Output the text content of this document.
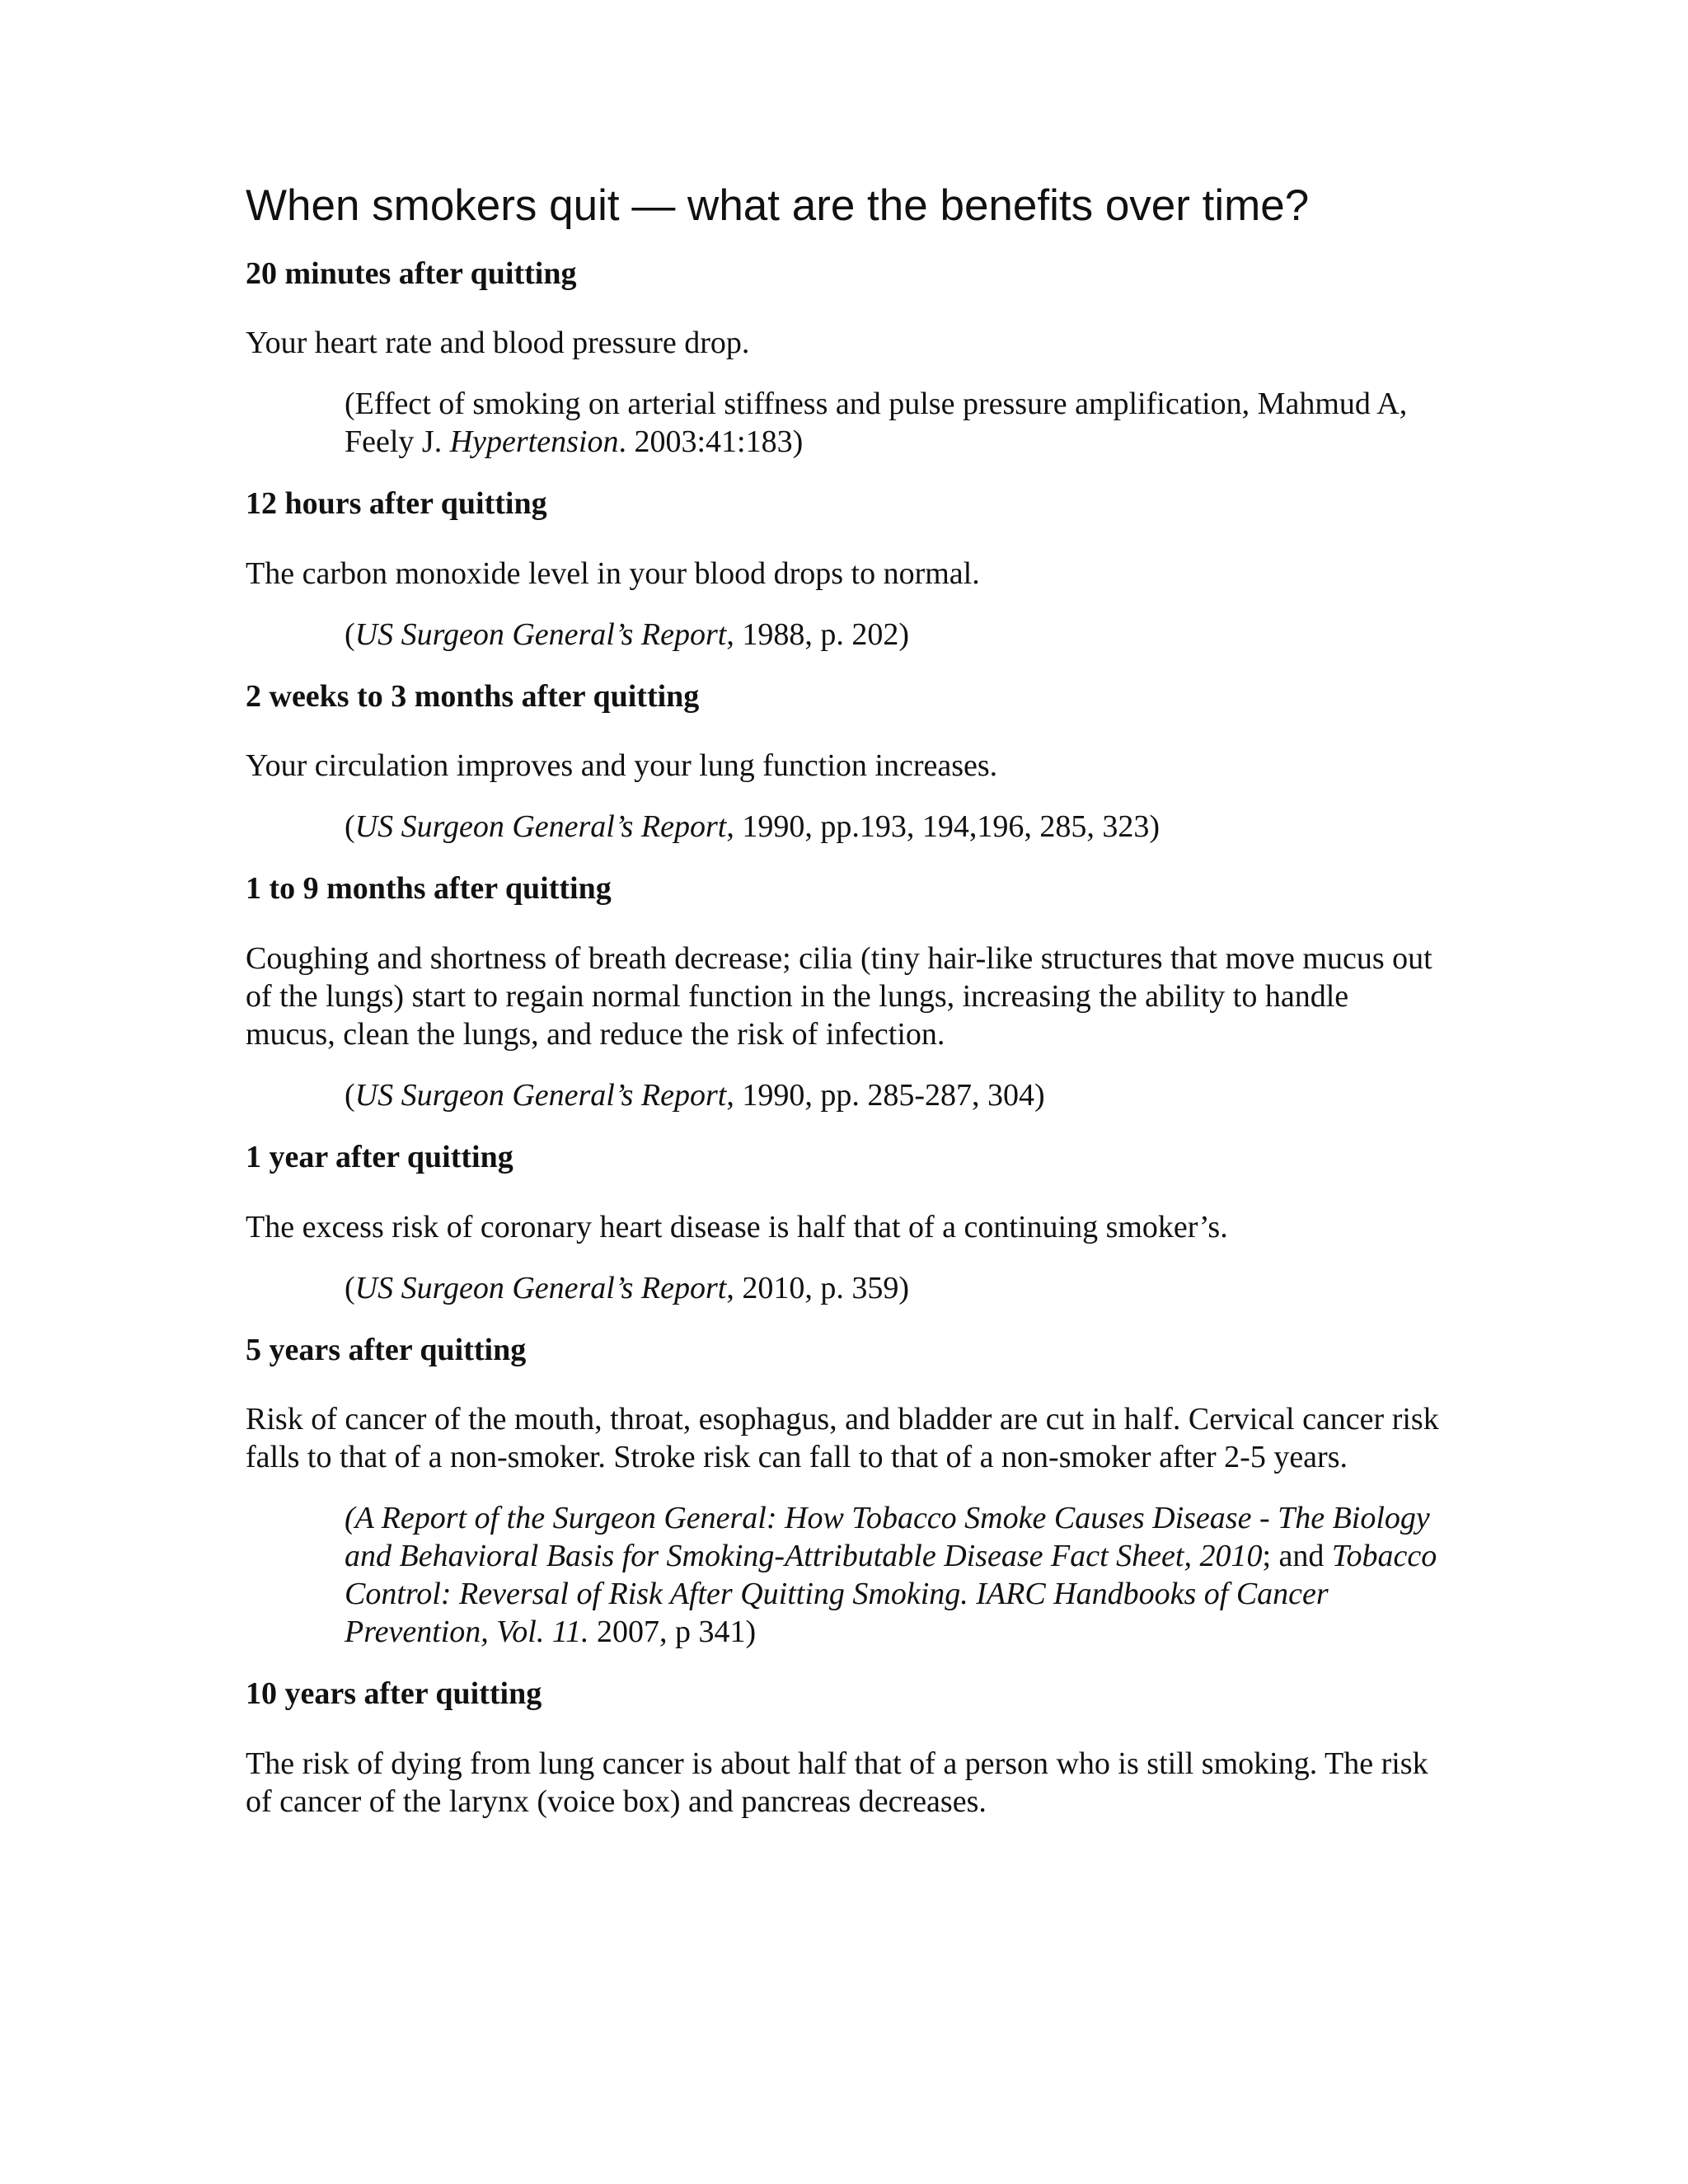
When smokers quit — what are the benefits over time?

20 minutes after quitting

Your heart rate and blood pressure drop.

(Effect of smoking on arterial stiffness and pulse pressure amplification, Mahmud A, Feely J. Hypertension. 2003:41:183)

12 hours after quitting

The carbon monoxide level in your blood drops to normal.

(US Surgeon General’s Report, 1988, p. 202)

2 weeks to 3 months after quitting

Your circulation improves and your lung function increases.

(US Surgeon General’s Report, 1990, pp.193, 194,196, 285, 323)

1 to 9 months after quitting

Coughing and shortness of breath decrease; cilia (tiny hair-like structures that move mucus out of the lungs) start to regain normal function in the lungs, increasing the ability to handle mucus, clean the lungs, and reduce the risk of infection.

(US Surgeon General’s Report, 1990, pp. 285-287, 304)

1 year after quitting

The excess risk of coronary heart disease is half that of a continuing smoker’s.

(US Surgeon General’s Report, 2010, p. 359)

5 years after quitting

Risk of cancer of the mouth, throat, esophagus, and bladder are cut in half. Cervical cancer risk falls to that of a non-smoker. Stroke risk can fall to that of a non-smoker after 2-5 years.

(A Report of the Surgeon General: How Tobacco Smoke Causes Disease - The Biology and Behavioral Basis for Smoking-Attributable Disease Fact Sheet, 2010; and Tobacco Control: Reversal of Risk After Quitting Smoking. IARC Handbooks of Cancer Prevention, Vol. 11. 2007, p 341)

10 years after quitting

The risk of dying from lung cancer is about half that of a person who is still smoking. The risk of cancer of the larynx (voice box) and pancreas decreases.
